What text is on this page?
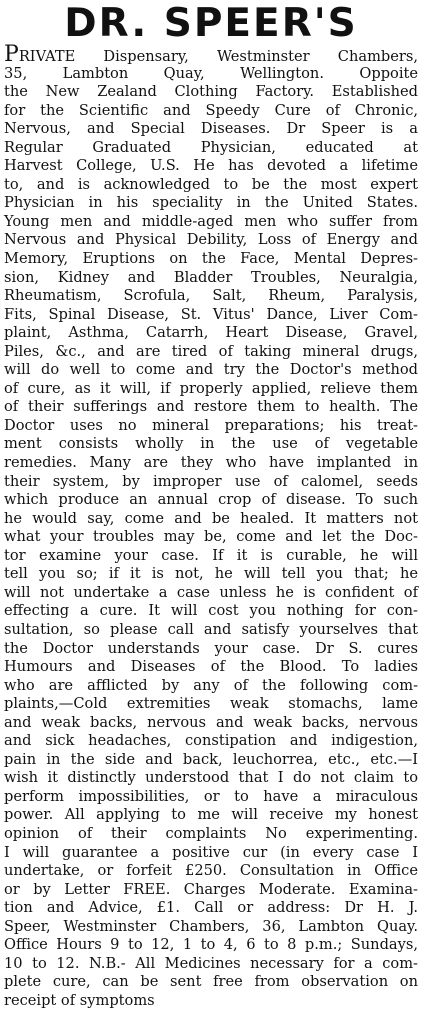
DR. SPEER'S
PRIVATE Dispensary, Westminster Chambers,
35, Lambton Quay, Wellington. Oppoite
the New Zealand Clothing Factory. Established
for the Scientific and Speedy Cure of Chronic,
Nervous, and Special Diseases. Dr Speer is a
Regular Graduated Physician, educated at
Harvest College, U.S. He has devoted a lifetime
to, and is acknowledged to be the most expert
Physician in his speciality in the United States.
Young men and middle-aged men who suffer from
Nervous and Physical Debility, Loss of Energy and
Memory, Eruptions on the Face, Mental Depres-
sion, Kidney and Bladder Troubles, Neuralgia,
Rheumatism, Scrofula, Salt, Rheum, Paralysis,
Fits, Spinal Disease, St. Vitus' Dance, Liver Com-
plaint, Asthma, Catarrh, Heart Disease, Gravel,
Piles, &c., and are tired of taking mineral drugs,
will do well to come and try the Doctor's method
of cure, as it will, if properly applied, relieve them
of their sufferings and restore them to health. The
Doctor uses no mineral preparations; his treat-
ment consists wholly in the use of vegetable
remedies. Many are they who have implanted in
their system, by improper use of calomel, seeds
which produce an annual crop of disease. To such
he would say, come and be healed. It matters not
what your troubles may be, come and let the Doc-
tor examine your case. If it is curable, he will
tell you so; if it is not, he will tell you that; he
will not undertake a case unless he is confident of
effecting a cure. It will cost you nothing for con-
sultation, so please call and satisfy yourselves that
the Doctor understands your case. Dr S. cures
Humours and Diseases of the Blood. To ladies
who are afflicted by any of the following com-
plaints,—Cold extremities weak stomachs, lame
and weak backs, nervous and weak backs, nervous
and sick headaches, constipation and indigestion,
pain in the side and back, leuchorrea, etc., etc.—I
wish it distinctly understood that I do not claim to
perform impossibilities, or to have a miraculous
power. All applying to me will receive my honest
opinion of their complaints No experimenting.
I will guarantee a positive cur (in every case I
undertake, or forfeit £250. Consultation in Office
or by Letter FREE. Charges Moderate. Examina-
tion and Advice, £1. Call or address: Dr H. J.
Speer, Westminster Chambers, 36, Lambton Quay.
Office Hours 9 to 12, 1 to 4, 6 to 8 p.m.; Sundays,
10 to 12. N.B.- All Medicines necessary for a com-
plete cure, can be sent free from observation on
receipt of symptoms
